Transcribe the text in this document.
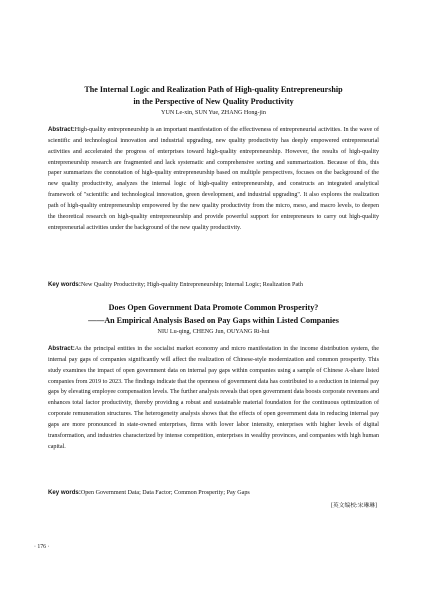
The Internal Logic and Realization Path of High-quality Entrepreneurship
in the Perspective of New Quality Productivity
YUN Le-xin, SUN Yue, ZHANG Hong-jin

Abstract:High-quality entrepreneurship is an important manifestation of the effectiveness of entrepreneurial activities. In the wave of scientific and technological innovation and industrial upgrading, new quality productivity has deeply empowered entrepreneurial activities and accelerated the progress of enterprises toward high-quality entrepreneurship. However, the results of high-quality entrepreneurship research are fragmented and lack systematic and comprehensive sorting and summarization. Because of this, this paper summarizes the connotation of high-quality entrepreneurship based on multiple perspectives, focuses on the background of the new quality productivity, analyzes the internal logic of high-quality entrepreneurship, and constructs an integrated analytical framework of "scientific and technological innovation, green development, and industrial upgrading". It also explores the realization path of high-quality entrepreneurship empowered by the new quality productivity from the micro, meso, and macro levels, to deepen the theoretical research on high-quality entrepreneurship and provide powerful support for entrepreneurs to carry out high-quality entrepreneurial activities under the background of the new quality productivity.

Key words:New Quality Productivity; High-quality Entrepreneurship; Internal Logic; Realization Path
Does Open Government Data Promote Common Prosperity?
——An Empirical Analysis Based on Pay Gaps within Listed Companies
NIU Lu-qing, CHENG Jun, OUYANG Ri-hui

Abstract:As the principal entities in the socialist market economy and micro manifestation in the income distribution system, the internal pay gaps of companies significantly will affect the realization of Chinese-style modernization and common prosperity. This study examines the impact of open government data on internal pay gaps within companies using a sample of Chinese A-share listed companies from 2019 to 2023. The findings indicate that the openness of government data has contributed to a reduction in internal pay gaps by elevating employee compensation levels. The further analysis reveals that open government data boosts corporate revenues and enhances total factor productivity, thereby providing a robust and sustainable material foundation for the continuous optimization of corporate remuneration structures. The heterogeneity analysis shows that the effects of open government data in reducing internal pay gaps are more pronounced in state-owned enterprises, firms with lower labor intensity, enterprises with higher levels of digital transformation, and industries characterized by intense competition, enterprises in wealthy provinces, and companies with high human capital.

Key words:Open Government Data; Data Factor; Common Prosperity; Pay Gaps
[英文编校:宋琳琳]
· 176 ·
